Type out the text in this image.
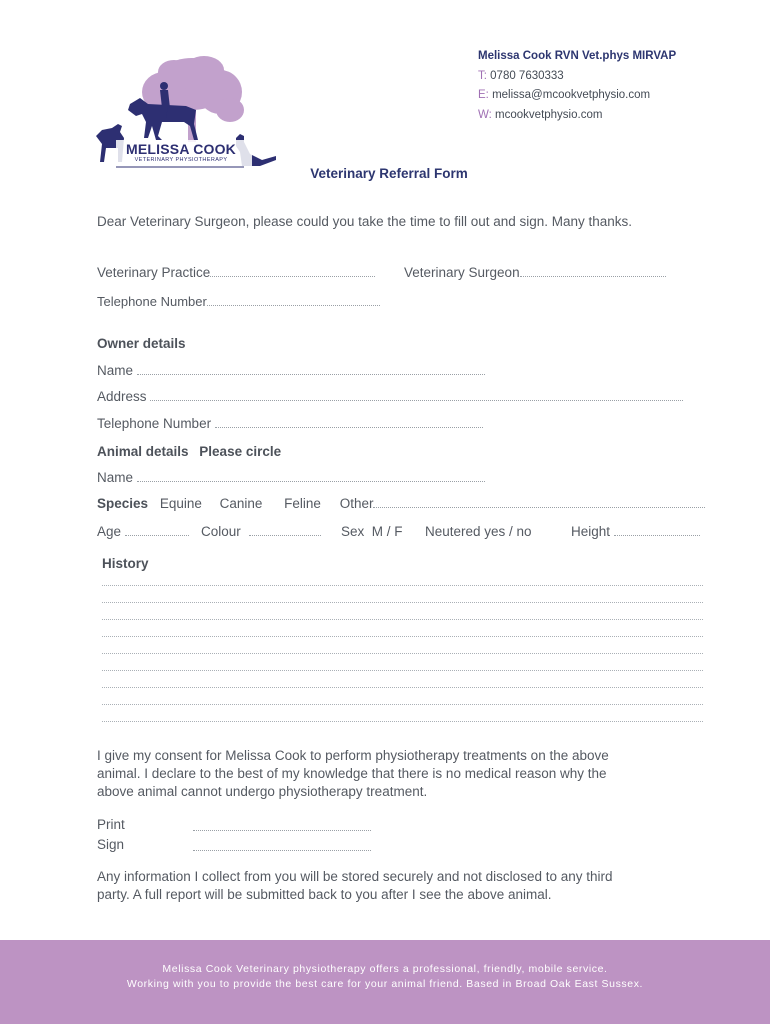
MELISSA COOK
VETERINARY PHYSIOTHERAPY
Melissa Cook RVN Vet.phys MIRVAP
T: 0780 7630333
E: melissa@mcookvetphysio.com
W: mcookvetphysio.com
Veterinary Referral Form
Dear Veterinary Surgeon, please could you take the time to fill out and sign. Many thanks.
Veterinary Practice	Veterinary Surgeon
Telephone Number
Owner details
Name
Address
Telephone Number
Animal details Please circle
Name
Species Equine Canine Feline Other
Age	Colour	Sex  M / F Neutered yes / no	Height
History
I give my consent for Melissa Cook to perform physiotherapy treatments on the above
animal. I declare to the best of my knowledge that there is no medical reason why the
above animal cannot undergo physiotherapy treatment.
Print
Sign
Any information I collect from you will be stored securely and not disclosed to any third
party. A full report will be submitted back to you after I see the above animal.
Melissa Cook Veterinary physiotherapy offers a professional, friendly, mobile service.
Working with you to provide the best care for your animal friend. Based in Broad Oak East Sussex.
